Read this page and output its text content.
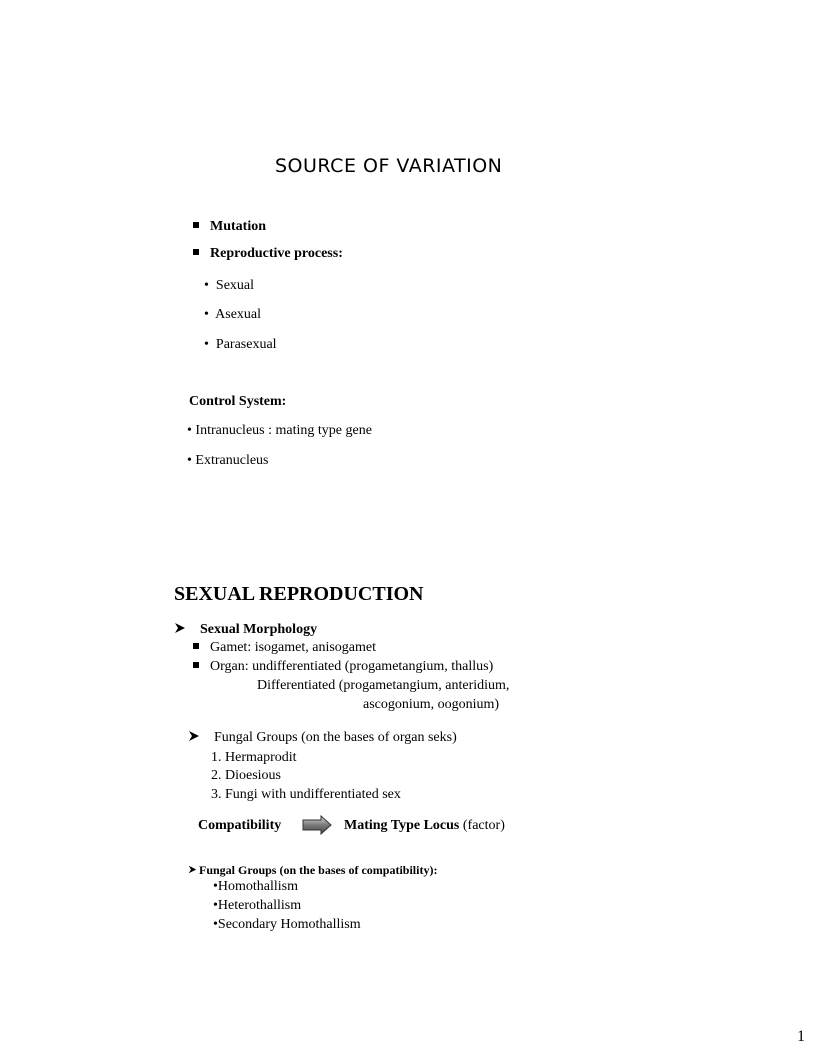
SOURCE OF VARIATION
Mutation
Reproductive process:
•  Sexual
•  Asexual
•  Parasexual
Control System:
• Intranucleus : mating type gene
• Extranucleus
SEXUAL REPRODUCTION
Sexual Morphology
Gamet: isogamet, anisogamet
Organ: undifferentiated (progametangium, thallus)
Differentiated (progametangium, anteridium,
ascogonium, oogonium)
Fungal Groups (on the bases of organ seks)
1. Hermaprodit
2. Dioesious
3. Fungi with undifferentiated sex
Compatibility	Mating Type Locus (factor)
Fungal Groups (on the bases of compatibility):
•Homothallism
•Heterothallism
•Secondary Homothallism
1
